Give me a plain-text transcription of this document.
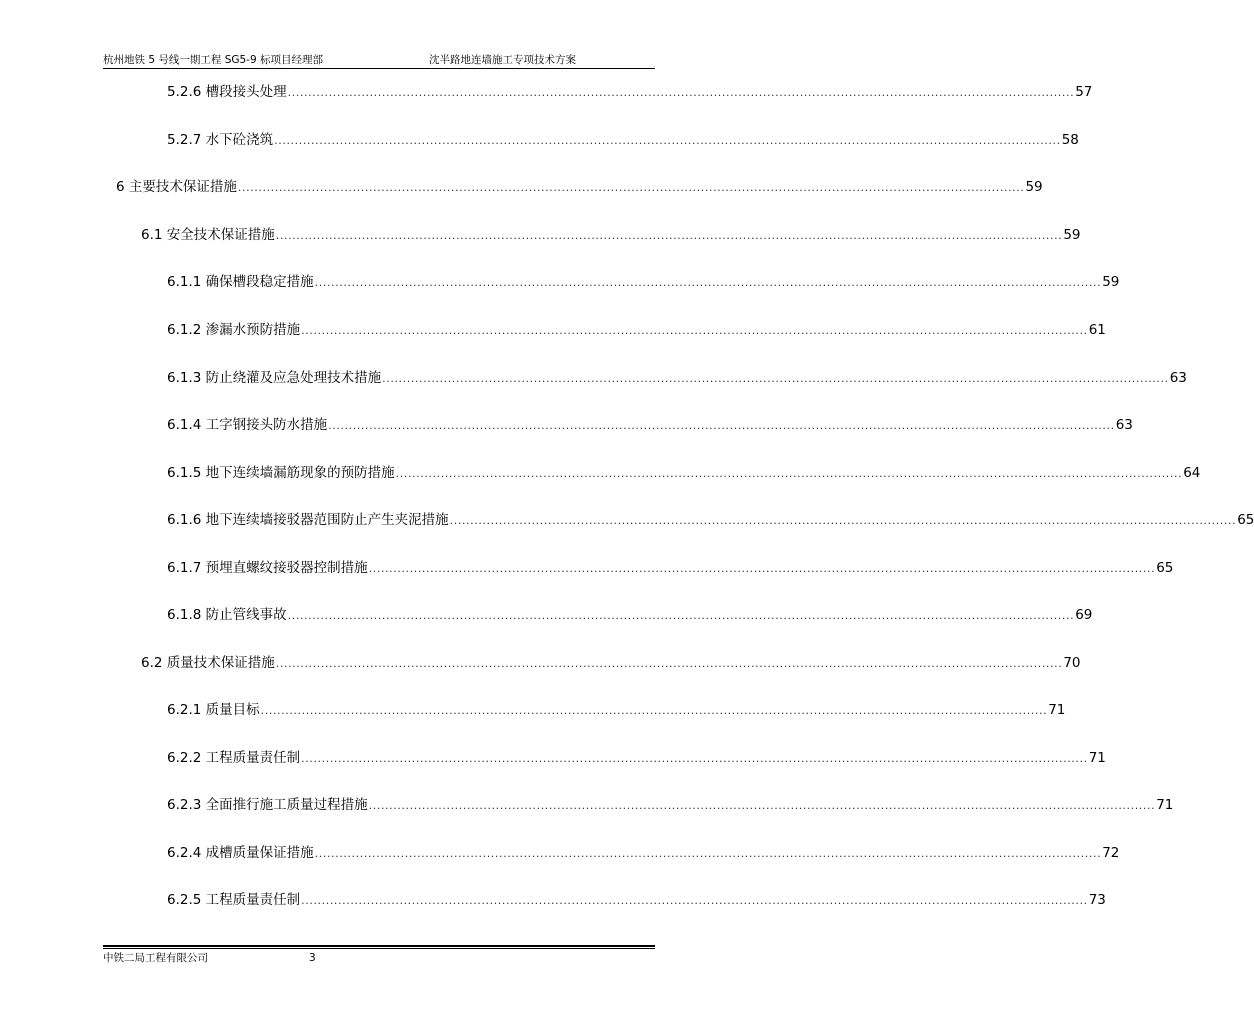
杭州地铁 5 号线一期工程 SG5-9 标项目经理部	沈半路地连墙施工专项技术方案
5.2.6
槽段接头处理 ................................................................................................................................................................................................ 57
5.2.7
水下砼浇筑 ................................................................................................................................................................................................ 58
6
主要技术保证措施 ................................................................................................................................................................................................ 59
6.1
安全技术保证措施 ................................................................................................................................................................................................ 59
6.1.1
确保槽段稳定措施 ................................................................................................................................................................................................ 59
6.1.2
渗漏水预防措施 ................................................................................................................................................................................................ 61
6.1.3
防止绕灌及应急处理技术措施 ................................................................................................................................................................................................ 63
6.1.4
工字钢接头防水措施 ................................................................................................................................................................................................ 63
6.1.5
地下连续墙漏筋现象的预防措施 ................................................................................................................................................................................................ 64
6.1.6
地下连续墙接驳器范围防止产生夹泥措施 ................................................................................................................................................................................................ 65
6.1.7
预埋直螺纹接驳器控制措施 ................................................................................................................................................................................................ 65
6.1.8
防止管线事故 ................................................................................................................................................................................................ 69
6.2
质量技术保证措施 ................................................................................................................................................................................................ 70
6.2.1
质量目标 ................................................................................................................................................................................................ 71
6.2.2
工程质量责任制 ................................................................................................................................................................................................ 71
6.2.3
全面推行施工质量过程措施 ................................................................................................................................................................................................ 71
6.2.4
成槽质量保证措施 ................................................................................................................................................................................................ 72
6.2.5
工程质量责任制 ................................................................................................................................................................................................ 73
中铁二局工程有限公司	3
